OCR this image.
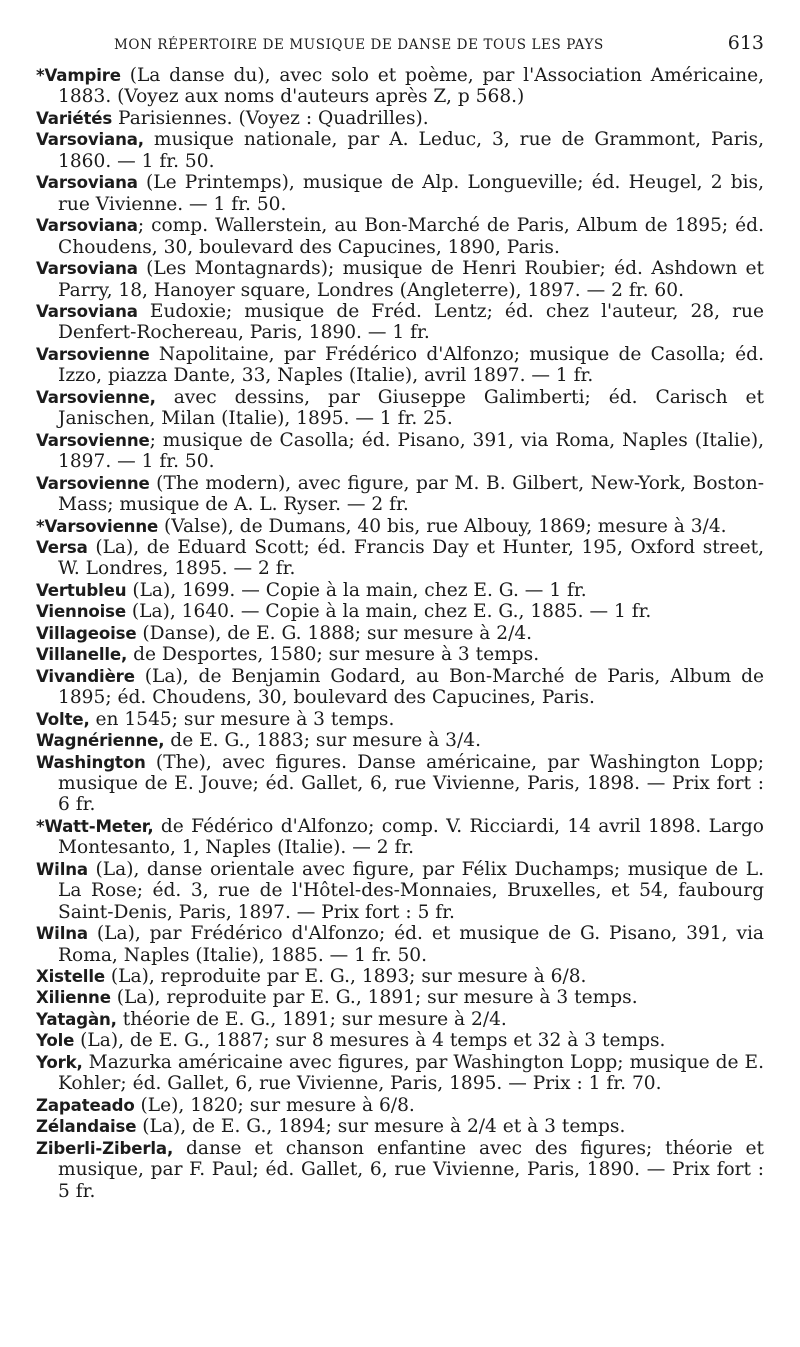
MON RÉPERTOIRE DE MUSIQUE DE DANSE DE TOUS LES PAYS	613
*Vampire (La danse du), avec solo et poème, par l'Association Américaine, 1883. (Voyez aux noms d'auteurs après Z, p 568.)
Variétés Parisiennes. (Voyez : Quadrilles).
Varsoviana, musique nationale, par A. Leduc, 3, rue de Grammont, Paris, 1860. — 1 fr. 50.
Varsoviana (Le Printemps), musique de Alp. Longueville; éd. Heugel, 2 bis, rue Vivienne. — 1 fr. 50.
Varsoviana; comp. Wallerstein, au Bon-Marché de Paris, Album de 1895; éd. Choudens, 30, boulevard des Capucines, 1890, Paris.
Varsoviana (Les Montagnards); musique de Henri Roubier; éd. Ashdown et Parry, 18, Hanoyer square, Londres (Angleterre), 1897. — 2 fr. 60.
Varsoviana Eudoxie; musique de Fréd. Lentz; éd. chez l'auteur, 28, rue Denfert-Rochereau, Paris, 1890. — 1 fr.
Varsovienne Napolitaine, par Frédérico d'Alfonzo; musique de Casolla; éd. Izzo, piazza Dante, 33, Naples (Italie), avril 1897. — 1 fr.
Varsovienne, avec dessins, par Giuseppe Galimberti; éd. Carisch et Janischen, Milan (Italie), 1895. — 1 fr. 25.
Varsovienne; musique de Casolla; éd. Pisano, 391, via Roma, Naples (Italie), 1897. — 1 fr. 50.
Varsovienne (The modern), avec figure, par M. B. Gilbert, New-York, Boston-Mass; musique de A. L. Ryser. — 2 fr.
*Varsovienne (Valse), de Dumans, 40 bis, rue Albouy, 1869; mesure à 3/4.
Versa (La), de Eduard Scott; éd. Francis Day et Hunter, 195, Oxford street, W. Londres, 1895. — 2 fr.
Vertubleu (La), 1699. — Copie à la main, chez E. G. — 1 fr.
Viennoise (La), 1640. — Copie à la main, chez E. G., 1885. — 1 fr.
Villageoise (Danse), de E. G. 1888; sur mesure à 2/4.
Villanelle, de Desportes, 1580; sur mesure à 3 temps.
Vivandière (La), de Benjamin Godard, au Bon-Marché de Paris, Album de 1895; éd. Choudens, 30, boulevard des Capucines, Paris.
Volte, en 1545; sur mesure à 3 temps.
Wagnérienne, de E. G., 1883; sur mesure à 3/4.
Washington (The), avec figures. Danse américaine, par Washington Lopp; musique de E. Jouve; éd. Gallet, 6, rue Vivienne, Paris, 1898. — Prix fort : 6 fr.
*Watt-Meter, de Fédérico d'Alfonzo; comp. V. Ricciardi, 14 avril 1898. Largo Montesanto, 1, Naples (Italie). — 2 fr.
Wilna (La), danse orientale avec figure, par Félix Duchamps; musique de L. La Rose; éd. 3, rue de l'Hôtel-des-Monnaies, Bruxelles, et 54, faubourg Saint-Denis, Paris, 1897. — Prix fort : 5 fr.
Wilna (La), par Frédérico d'Alfonzo; éd. et musique de G. Pisano, 391, via Roma, Naples (Italie), 1885. — 1 fr. 50.
Xistelle (La), reproduite par E. G., 1893; sur mesure à 6/8.
Xilienne (La), reproduite par E. G., 1891; sur mesure à 3 temps.
Yatagàn, théorie de E. G., 1891; sur mesure à 2/4.
Yole (La), de E. G., 1887; sur 8 mesures à 4 temps et 32 à 3 temps.
York, Mazurka américaine avec figures, par Washington Lopp; musique de E. Kohler; éd. Gallet, 6, rue Vivienne, Paris, 1895. — Prix : 1 fr. 70.
Zapateado (Le), 1820; sur mesure à 6/8.
Zélandaise (La), de E. G., 1894; sur mesure à 2/4 et à 3 temps.
Ziberli-Ziberla, danse et chanson enfantine avec des figures; théorie et musique, par F. Paul; éd. Gallet, 6, rue Vivienne, Paris, 1890. — Prix fort : 5 fr.
